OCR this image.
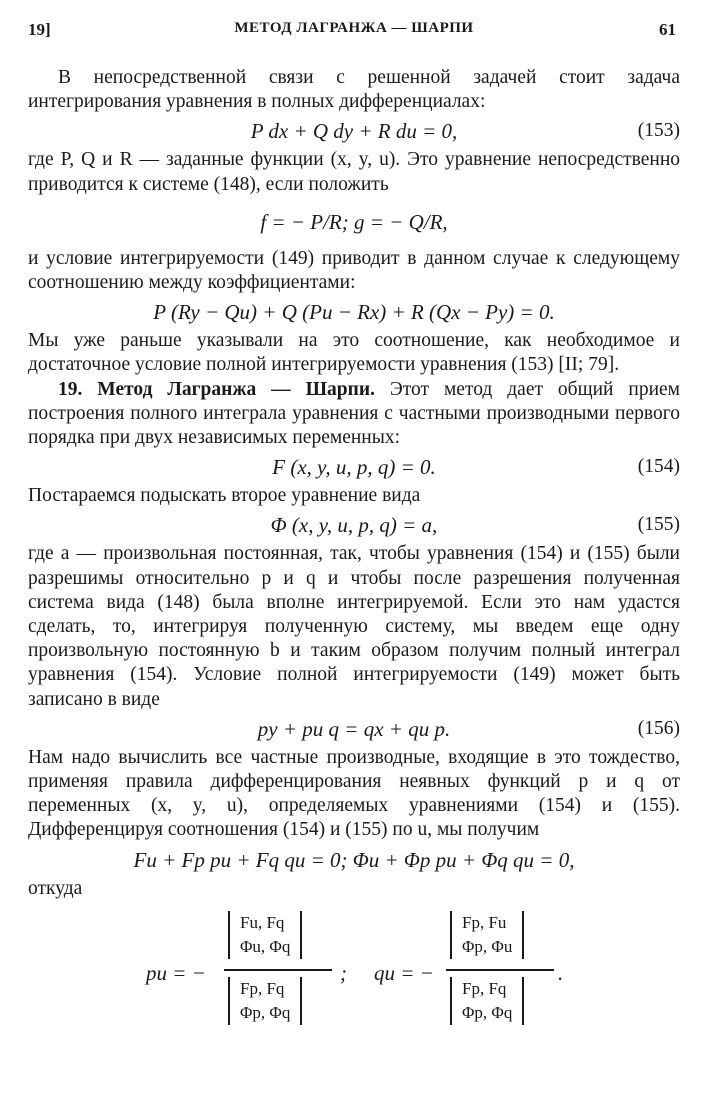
19]	МЕТОД ЛАГРАНЖА — ШАРПИ	61

В непосредственной связи с решенной задачей стоит задача интегрирования уравнения в полных дифференциалах:

P dx + Q dy + R du = 0,	(153)

где P, Q и R — заданные функции (x, y, u). Это уравнение непосредственно приводится к системе (148), если положить

f = − P/R; g = − Q/R,

и условие интегрируемости (149) приводит в данном случае к следующему соотношению между коэффициентами:

P (Ry − Qu) + Q (Pu − Rx) + R (Qx − Py) = 0.

Мы уже раньше указывали на это соотношение, как необходимое и достаточное условие полной интегрируемости уравнения (153) [II; 79].

19. Метод Лагранжа — Шарпи. Этот метод дает общий прием построения полного интеграла уравнения с частными производными первого порядка при двух независимых переменных:

F (x, y, u, p, q) = 0.	(154)

Постараемся подыскать второе уравнение вида

Φ (x, y, u, p, q) = a,	(155)

где a — произвольная постоянная, так, чтобы уравнения (154) и (155) были разрешимы относительно p и q и чтобы после разрешения полученная система вида (148) была вполне интегрируемой. Если это нам удастся сделать, то, интегрируя полученную систему, мы введем еще одну произвольную постоянную b и таким образом получим полный интеграл уравнения (154). Условие полной интегрируемости (149) может быть записано в виде

py + pu q = qx + qu p.	(156)

Нам надо вычислить все частные производные, входящие в это тождество, применяя правила дифференцирования неявных функций p и q от переменных (x, y, u), определяемых уравнениями (154) и (155). Дифференцируя соотношения (154) и (155) по u, мы получим

Fu + Fp pu + Fq qu = 0; Φu + Φp pu + Φq qu = 0,

откуда

pu = −
Fu, Fq
Φu, Φq
Fp, Fq
Φp, Φq
; qu = −
Fp, Fu
Φp, Φu
Fp, Fq
Φp, Φq
.
